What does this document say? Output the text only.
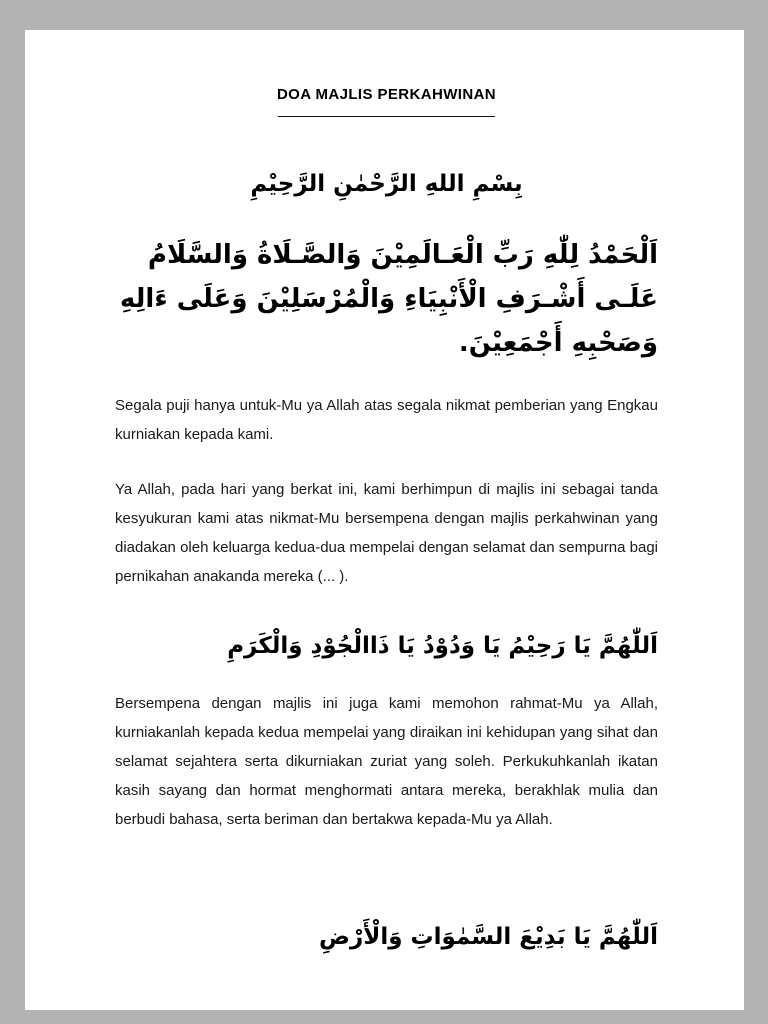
DOA MAJLIS PERKAHWINAN
__________________________
بِسْمِ اللهِ الرَّحْمٰنِ الرَّحِيْمِ
اَلْحَمْدُ لِلّٰهِ رَبِّ الْعَـالَمِيْنَ وَالصَّـلَاةُ وَالسَّلَامُ عَلَـى أَشْـرَفِ الْأَنْبِيَاءِ وَالْمُرْسَلِيْنَ وَعَلَى ءَالِهِ وَصَحْبِهِ أَجْمَعِيْنَ.

Segala puji hanya untuk-Mu ya Allah atas segala nikmat pemberian yang Engkau kurniakan kepada kami.

Ya Allah, pada hari yang berkat ini, kami berhimpun di majlis ini sebagai tanda kesyukuran kami atas nikmat-Mu bersempena dengan majlis perkahwinan yang diadakan oleh keluarga kedua-dua mempelai dengan selamat dan sempurna bagi pernikahan anakanda mereka (... ).

اَللّٰهُمَّ يَا رَحِيْمُ يَا وَدُوْدُ يَا ذَاالْجُوْدِ وَالْكَرَمِ

Bersempena dengan majlis ini juga kami memohon rahmat-Mu ya Allah, kurniakanlah kepada kedua mempelai yang diraikan ini kehidupan yang sihat dan selamat sejahtera serta dikurniakan zuriat yang soleh. Perkukuhkanlah ikatan kasih sayang dan hormat menghormati antara mereka, berakhlak mulia dan berbudi bahasa, serta beriman dan bertakwa kepada-Mu ya Allah.

اَللّٰهُمَّ يَا بَدِيْعَ السَّمٰوَاتِ وَالْأَرْضِ
